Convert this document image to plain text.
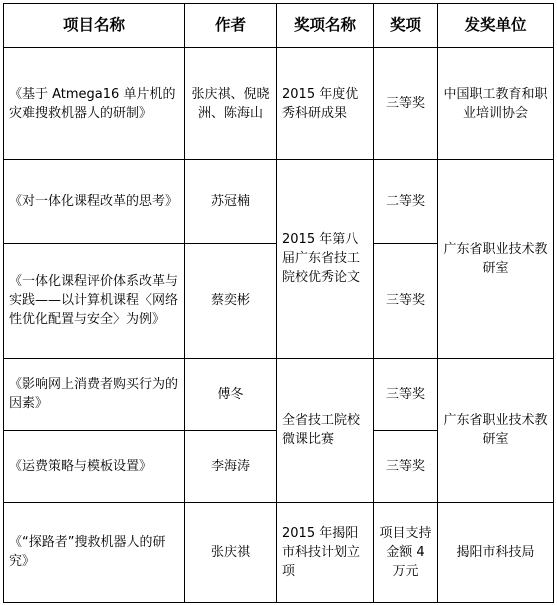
项目名称	作者	奖项名称	奖项	发奖单位
《基于 Atmega16 单片机的灾难搜救机器人的研制》	张庆祺、倪晓洲、陈海山	2015 年度优秀科研成果	三等奖	中国职工教育和职业培训协会
《对一体化课程改革的思考》	苏冠楠	2015 年第八届广东省技工院校优秀论文	二等奖	广东省职业技术教研室
《一体化课程评价体系改革与实践——以计算机课程〈网络性优化配置与安全〉为例》	蔡奕彬		三等奖	
《影响网上消费者购买行为的因素》	傅冬	全省技工院校微课比赛	三等奖	广东省职业技术教研室
《运费策略与模板设置》	李海涛		三等奖	
《“探路者”搜救机器人的研究》	张庆祺	2015 年揭阳市科技计划立项	项目支持金额 4 万元	揭阳市科技局
